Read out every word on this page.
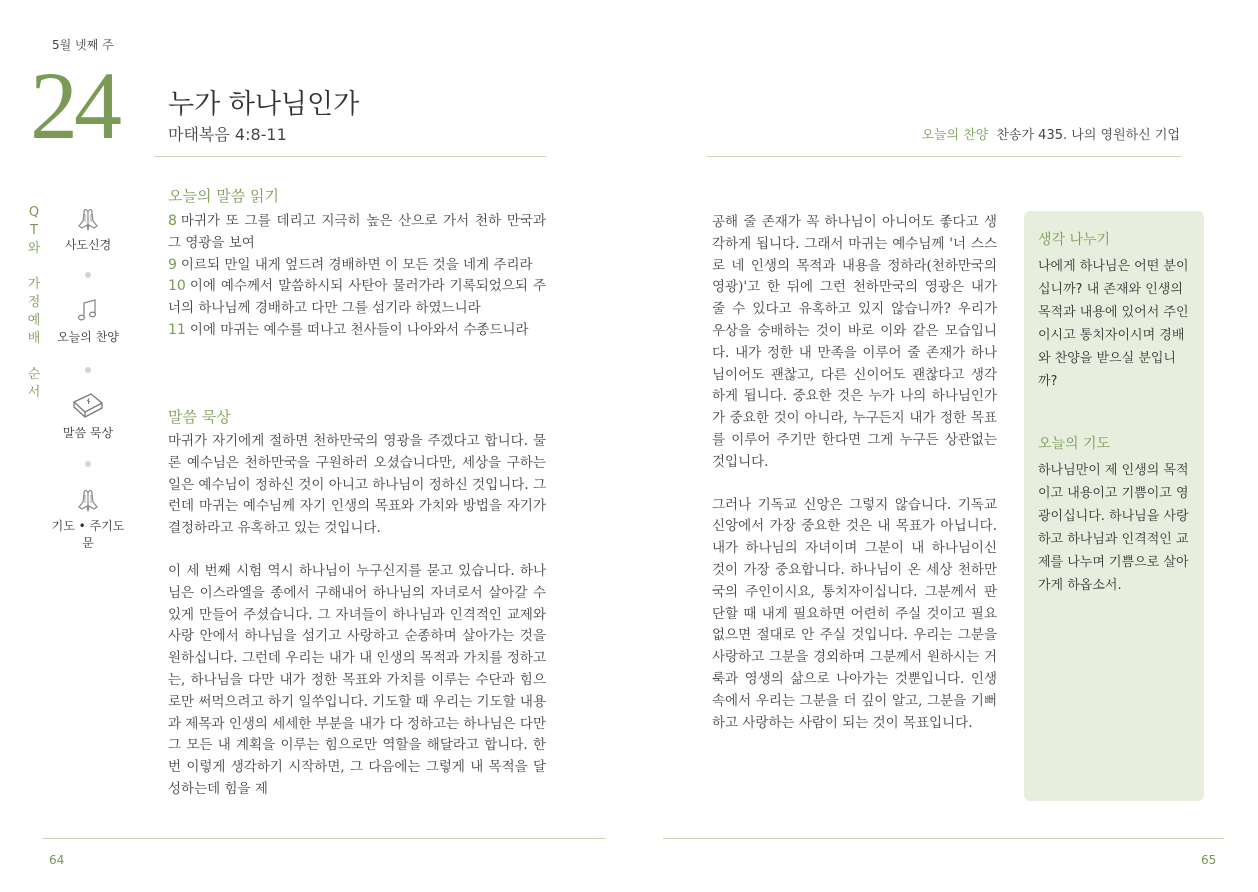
5월 넷째 주
24 누가 하나님인가
마태복음 4:8-11	오늘의 찬양 찬송가 435. 나의 영원하신 기업
Q
T
와
가
정
예
배
순
서
사도신경
오늘의 찬양
말씀 묵상
기도 • 주기도문
오늘의 말씀 읽기
8 마귀가 또 그를 데리고 지극히 높은 산으로 가서 천하 만국과 그 영광을 보여
9 이르되 만일 내게 엎드려 경배하면 이 모든 것을 네게 주리라
10 이에 예수께서 말씀하시되 사탄아 물러가라 기록되었으되 주 너의 하나님께 경배하고 다만 그를 섬기라 하였느니라
11 이에 마귀는 예수를 떠나고 천사들이 나아와서 수종드니라
말씀 묵상
마귀가 자기에게 절하면 천하만국의 영광을 주겠다고 합니다. 물론 예수님은 천하만국을 구원하러 오셨습니다만, 세상을 구하는 일은 예수님이 정하신 것이 아니고 하나님이 정하신 것입니다. 그런데 마귀는 예수님께 자기 인생의 목표와 가치와 방법을 자기가 결정하라고 유혹하고 있는 것입니다.
이 세 번째 시험 역시 하나님이 누구신지를 묻고 있습니다. 하나님은 이스라엘을 종에서 구해내어 하나님의 자녀로서 살아갈 수 있게 만들어 주셨습니다. 그 자녀들이 하나님과 인격적인 교제와 사랑 안에서 하나님을 섬기고 사랑하고 순종하며 살아가는 것을 원하십니다. 그런데 우리는 내가 내 인생의 목적과 가치를 정하고는, 하나님을 다만 내가 정한 목표와 가치를 이루는 수단과 힘으로만 써먹으려고 하기 일쑤입니다. 기도할 때 우리는 기도할 내용과 제목과 인생의 세세한 부분을 내가 다 정하고는 하나님은 다만 그 모든 내 계획을 이루는 힘으로만 역할을 해달라고 합니다. 한번 이렇게 생각하기 시작하면, 그 다음에는 그렇게 내 목적을 달성하는데 힘을 제
공해 줄 존재가 꼭 하나님이 아니어도 좋다고 생각하게 됩니다. 그래서 마귀는 예수님께 '너 스스로 네 인생의 목적과 내용을 정하라(천하만국의 영광)'고 한 뒤에 그런 천하만국의 영광은 내가 줄 수 있다고 유혹하고 있지 않습니까? 우리가 우상을 숭배하는 것이 바로 이와 같은 모습입니다. 내가 정한 내 만족을 이루어 줄 존재가 하나님이어도 괜찮고, 다른 신이어도 괜찮다고 생각하게 됩니다. 중요한 것은 누가 나의 하나님인가가 중요한 것이 아니라, 누구든지 내가 정한 목표를 이루어 주기만 한다면 그게 누구든 상관없는 것입니다.
그러나 기독교 신앙은 그렇지 않습니다. 기독교 신앙에서 가장 중요한 것은 내 목표가 아닙니다. 내가 하나님의 자녀이며 그분이 내 하나님이신 것이 가장 중요합니다. 하나님이 온 세상 천하만국의 주인이시요, 통치자이십니다. 그분께서 판단할 때 내게 필요하면 어련히 주실 것이고 필요없으면 절대로 안 주실 것입니다. 우리는 그분을 사랑하고 그분을 경외하며 그분께서 원하시는 거룩과 영생의 삶으로 나아가는 것뿐입니다. 인생 속에서 우리는 그분을 더 깊이 알고, 그분을 기뻐하고 사랑하는 사람이 되는 것이 목표입니다.
생각 나누기
나에게 하나님은 어떤 분이십니까? 내 존재와 인생의 목적과 내용에 있어서 주인이시고 통치자이시며 경배와 찬양을 받으실 분입니까?
오늘의 기도
하나님만이 제 인생의 목적이고 내용이고 기쁨이고 영광이십니다. 하나님을 사랑하고 하나님과 인격적인 교제를 나누며 기쁨으로 살아가게 하옵소서.
64	65
